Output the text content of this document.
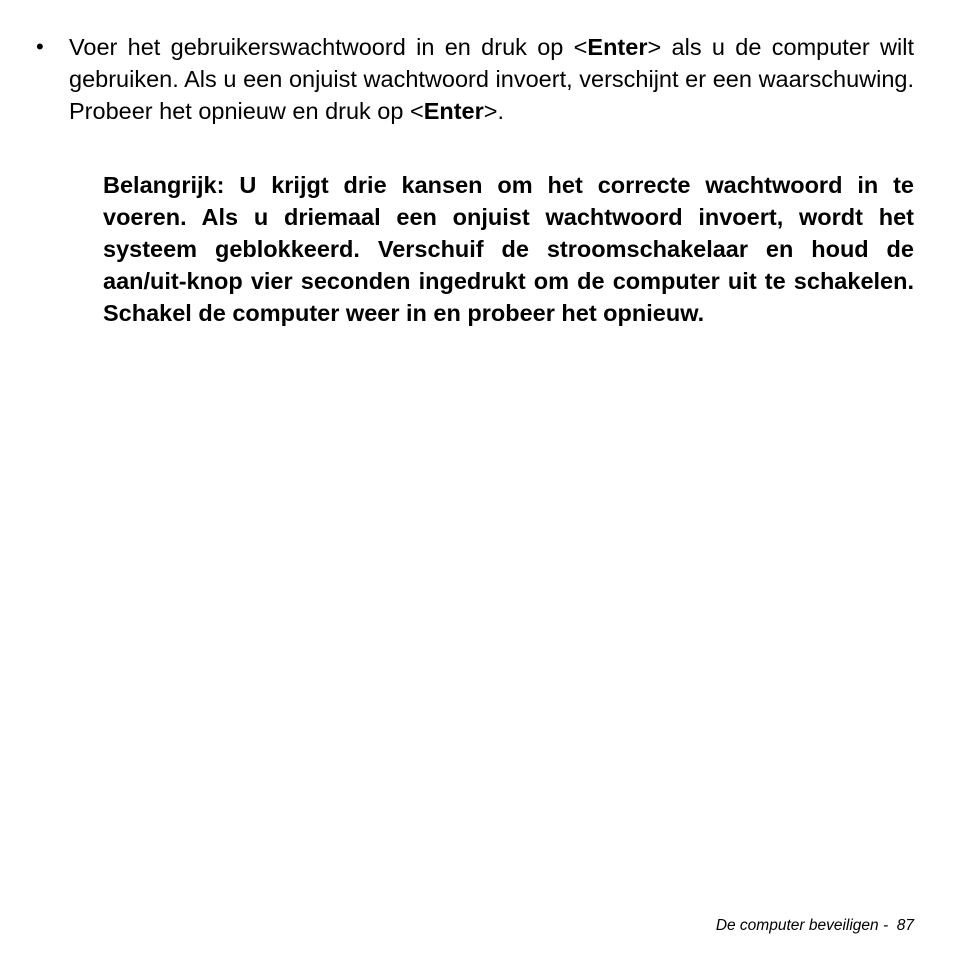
• Voer het gebruikerswachtwoord in en druk op <Enter> als u de computer wilt gebruiken. Als u een onjuist wachtwoord invoert, verschijnt er een waarschuwing. Probeer het opnieuw en druk op <Enter>.
Belangrijk: U krijgt drie kansen om het correcte wachtwoord in te voeren. Als u driemaal een onjuist wachtwoord invoert, wordt het systeem geblokkeerd. Verschuif de stroomschakelaar en houd de aan/uit-knop vier seconden ingedrukt om de computer uit te schakelen. Schakel de computer weer in en probeer het opnieuw.
De computer beveiligen -  87
